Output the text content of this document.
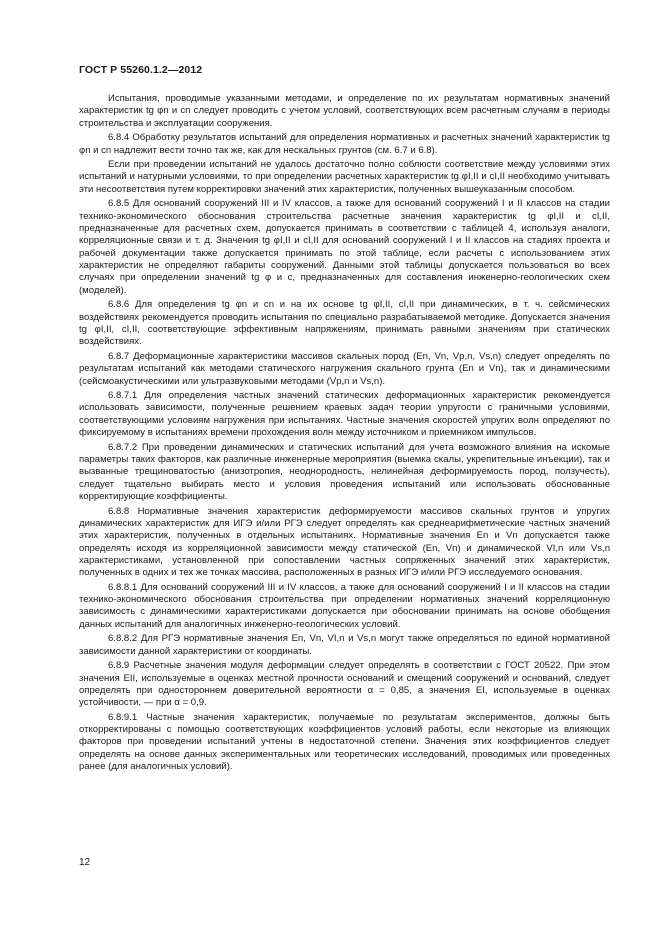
ГОСТ Р 55260.1.2—2012

Испытания, проводимые указанными методами, и определение по их результатам нормативных значений характеристик tg φn и cn следует проводить с учетом условий, соответствующих всем расчетным случаям в периоды строительства и эксплуатации сооружения.

6.8.4 Обработку результатов испытаний для определения нормативных и расчетных значений характеристик tg φn и cn надлежит вести точно так же, как для нескальных грунтов (см. 6.7 и 6.8).

Если при проведении испытаний не удалось достаточно полно соблюсти соответствие между условиями этих испытаний и натурными условиями, то при определении расчетных характеристик tg φI,II и cI,II необходимо учитывать эти несоответствия путем корректировки значений этих характеристик, полученных вышеуказанным способом.

6.8.5 Для оснований сооружений III и IV классов, а также для оснований сооружений I и II классов на стадии технико-экономического обоснования строительства расчетные значения характеристик tg φI,II и cI,II, предназначенные для расчетных схем, допускается принимать в соответствии с таблицей 4, используя аналоги, корреляционные связи и т. д. Значения tg φI,II и cI,II для оснований сооружений I и II классов на стадиях проекта и рабочей документации также допускается принимать по этой таблице, если расчеты с использованием этих характеристик не определяют габариты сооружений. Данными этой таблицы допускается пользоваться во всех случаях при определении значений tg φ и c, предназначенных для составления инженерно-геологических схем (моделей).

6.8.6 Для определения tg φn и cn и на их основе tg φI,II, cI,II при динамических, в т. ч. сейсмических воздействиях рекомендуется проводить испытания по специально разрабатываемой методике. Допускается значения tg φI,II, cI,II, соответствующие эффективным напряжениям, принимать равными значениям при статических воздействиях.

6.8.7 Деформационные характеристики массивов скальных пород (En, Vn, Vp,n, Vs,n) следует определять по результатам испытаний как методами статического нагружения скального грунта (En и Vn), так и динамическими (сейсмоакустическими или ультразвуковыми методами (Vp,n и Vs,n).

6.8.7.1 Для определения частных значений статических деформационных характеристик рекомендуется использовать зависимости, полученные решением краевых задач теории упругости с граничными условиями, соответствующими условиям нагружения при испытаниях. Частные значения скоростей упругих волн определяют по фиксируемому в испытаниях времени прохождения волн между источником и приемником импульсов.

6.8.7.2 При проведении динамических и статических испытаний для учета возможного влияния на искомые параметры таких факторов, как различные инженерные мероприятия (выемка скалы, укрепительные инъекции), так и вызванные трещиноватостью (анизотропия, неоднородность, нелинейная деформируемость пород, ползучесть), следует тщательно выбирать место и условия проведения испытаний или использовать обоснованные корректирующие коэффициенты.

6.8.8 Нормативные значения характеристик деформируемости массивов скальных грунтов и упругих динамических характеристик для ИГЭ и/или РГЭ следует определять как среднеарифметические частных значений этих характеристик, полученных в отдельных испытаниях. Нормативные значения En и Vn допускается также определять исходя из корреляционной зависимости между статической (En, Vn) и динамической VI,n или Vs,n характеристиками, установленной при сопоставлении частных сопряженных значений этих характеристик, полученных в одних и тех же точках массива, расположенных в разных ИГЭ и/или РГЭ исследуемого основания.

6.8.8.1 Для оснований сооружений III и IV классов, а также для оснований сооружений I и II классов на стадии технико-экономического обоснования строительства при определении нормативных значений корреляционную зависимость с динамическими характеристиками допускается при обосновании принимать на основе обобщения данных испытаний для аналогичных инженерно-геологических условий.

6.8.8.2 Для РГЭ нормативные значения En, Vn, VI,n и Vs,n могут также определяться по единой нормативной зависимости данной характеристики от координаты.

6.8.9 Расчетные значения модуля деформации следует определять в соответствии с ГОСТ 20522. При этом значения EII, используемые в оценках местной прочности оснований и смещений сооружений и оснований, следует определять при одностороннем доверительной вероятности α = 0,85, а значения EI, используемые в оценках устойчивости, — при α = 0,9.

6.8.9.1 Частные значения характеристик, получаемые по результатам экспериментов, должны быть откорректированы с помощью соответствующих коэффициентов условий работы, если некоторые из влияющих факторов при проведении испытаний учтены в недостаточной степени. Значения этих коэффициентов следует определять на основе данных экспериментальных или теоретических исследований, проводимых или проведенных ранее (для аналогичных условий).

12
